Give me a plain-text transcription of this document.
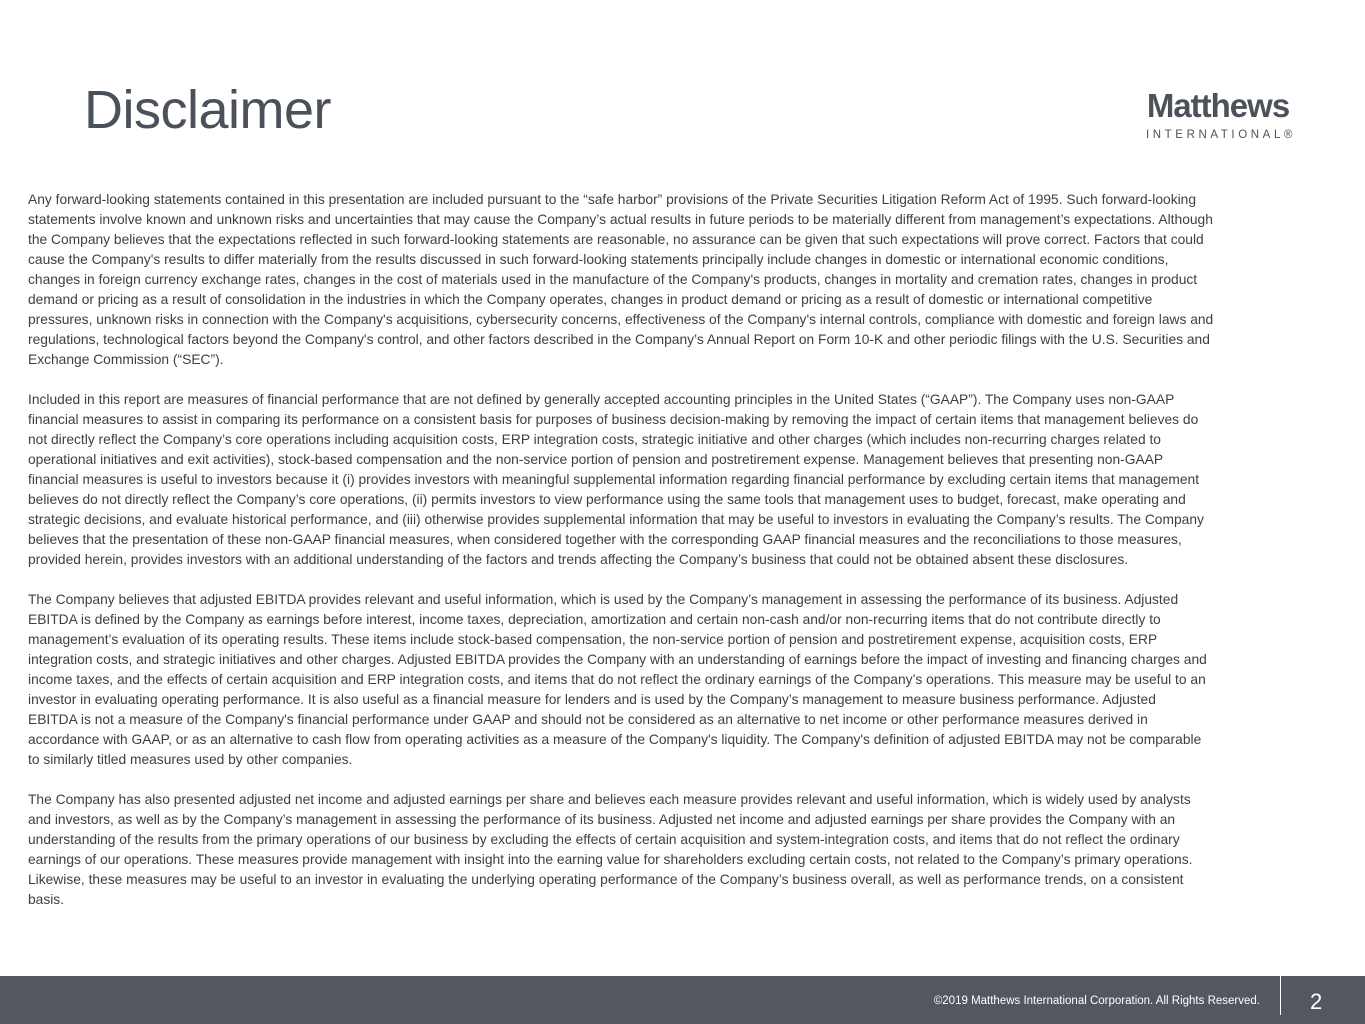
Disclaimer	Matthews
INTERNATIONAL®

Any forward-looking statements contained in this presentation are included pursuant to the “safe harbor” provisions of the Private Securities Litigation Reform Act of 1995. Such forward-looking
statements involve known and unknown risks and uncertainties that may cause the Company’s actual results in future periods to be materially different from management’s expectations. Although
the Company believes that the expectations reflected in such forward-looking statements are reasonable, no assurance can be given that such expectations will prove correct. Factors that could
cause the Company's results to differ materially from the results discussed in such forward-looking statements principally include changes in domestic or international economic conditions,
changes in foreign currency exchange rates, changes in the cost of materials used in the manufacture of the Company's products, changes in mortality and cremation rates, changes in product
demand or pricing as a result of consolidation in the industries in which the Company operates, changes in product demand or pricing as a result of domestic or international competitive
pressures, unknown risks in connection with the Company's acquisitions, cybersecurity concerns, effectiveness of the Company's internal controls, compliance with domestic and foreign laws and
regulations, technological factors beyond the Company's control, and other factors described in the Company’s Annual Report on Form 10-K and other periodic filings with the U.S. Securities and
Exchange Commission (“SEC”).

Included in this report are measures of financial performance that are not defined by generally accepted accounting principles in the United States (“GAAP”). The Company uses non-GAAP
financial measures to assist in comparing its performance on a consistent basis for purposes of business decision-making by removing the impact of certain items that management believes do
not directly reflect the Company’s core operations including acquisition costs, ERP integration costs, strategic initiative and other charges (which includes non-recurring charges related to
operational initiatives and exit activities), stock-based compensation and the non-service portion of pension and postretirement expense. Management believes that presenting non-GAAP
financial measures is useful to investors because it (i) provides investors with meaningful supplemental information regarding financial performance by excluding certain items that management
believes do not directly reflect the Company’s core operations, (ii) permits investors to view performance using the same tools that management uses to budget, forecast, make operating and
strategic decisions, and evaluate historical performance, and (iii) otherwise provides supplemental information that may be useful to investors in evaluating the Company’s results. The Company
believes that the presentation of these non-GAAP financial measures, when considered together with the corresponding GAAP financial measures and the reconciliations to those measures,
provided herein, provides investors with an additional understanding of the factors and trends affecting the Company’s business that could not be obtained absent these disclosures.

The Company believes that adjusted EBITDA provides relevant and useful information, which is used by the Company’s management in assessing the performance of its business. Adjusted
EBITDA is defined by the Company as earnings before interest, income taxes, depreciation, amortization and certain non-cash and/or non-recurring items that do not contribute directly to
management’s evaluation of its operating results. These items include stock-based compensation, the non-service portion of pension and postretirement expense, acquisition costs, ERP
integration costs, and strategic initiatives and other charges. Adjusted EBITDA provides the Company with an understanding of earnings before the impact of investing and financing charges and
income taxes, and the effects of certain acquisition and ERP integration costs, and items that do not reflect the ordinary earnings of the Company’s operations. This measure may be useful to an
investor in evaluating operating performance. It is also useful as a financial measure for lenders and is used by the Company’s management to measure business performance. Adjusted
EBITDA is not a measure of the Company's financial performance under GAAP and should not be considered as an alternative to net income or other performance measures derived in
accordance with GAAP, or as an alternative to cash flow from operating activities as a measure of the Company's liquidity. The Company's definition of adjusted EBITDA may not be comparable
to similarly titled measures used by other companies.

The Company has also presented adjusted net income and adjusted earnings per share and believes each measure provides relevant and useful information, which is widely used by analysts
and investors, as well as by the Company’s management in assessing the performance of its business. Adjusted net income and adjusted earnings per share provides the Company with an
understanding of the results from the primary operations of our business by excluding the effects of certain acquisition and system-integration costs, and items that do not reflect the ordinary
earnings of our operations. These measures provide management with insight into the earning value for shareholders excluding certain costs, not related to the Company’s primary operations.
Likewise, these measures may be useful to an investor in evaluating the underlying operating performance of the Company’s business overall, as well as performance trends, on a consistent
basis.

©2019 Matthews International Corporation. All Rights Reserved. 2
